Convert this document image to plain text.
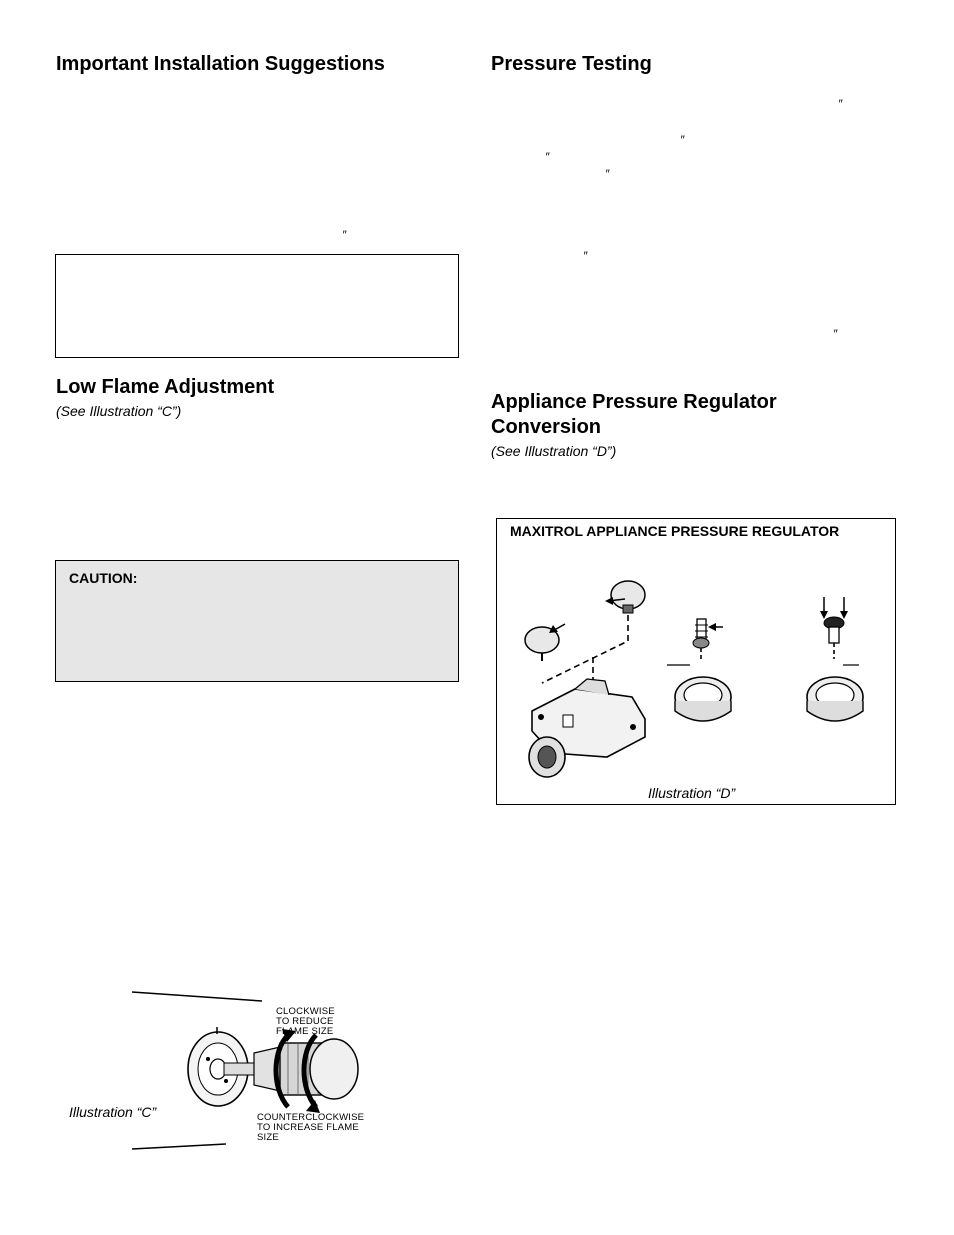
Important Installation Suggestions
″
Low Flame Adjustment
(See Illustration “C”)
CAUTION:
CLOCKWISE
TO REDUCE
FLAME SIZE
COUNTERCLOCKWISE
TO INCREASE FLAME
SIZE
Illustration “C”
Pressure Testing
″
″
″
″
″
″
Appliance Pressure Regulator
Conversion
(See Illustration “D”)
MAXITROL APPLIANCE PRESSURE REGULATOR
Illustration “D”
